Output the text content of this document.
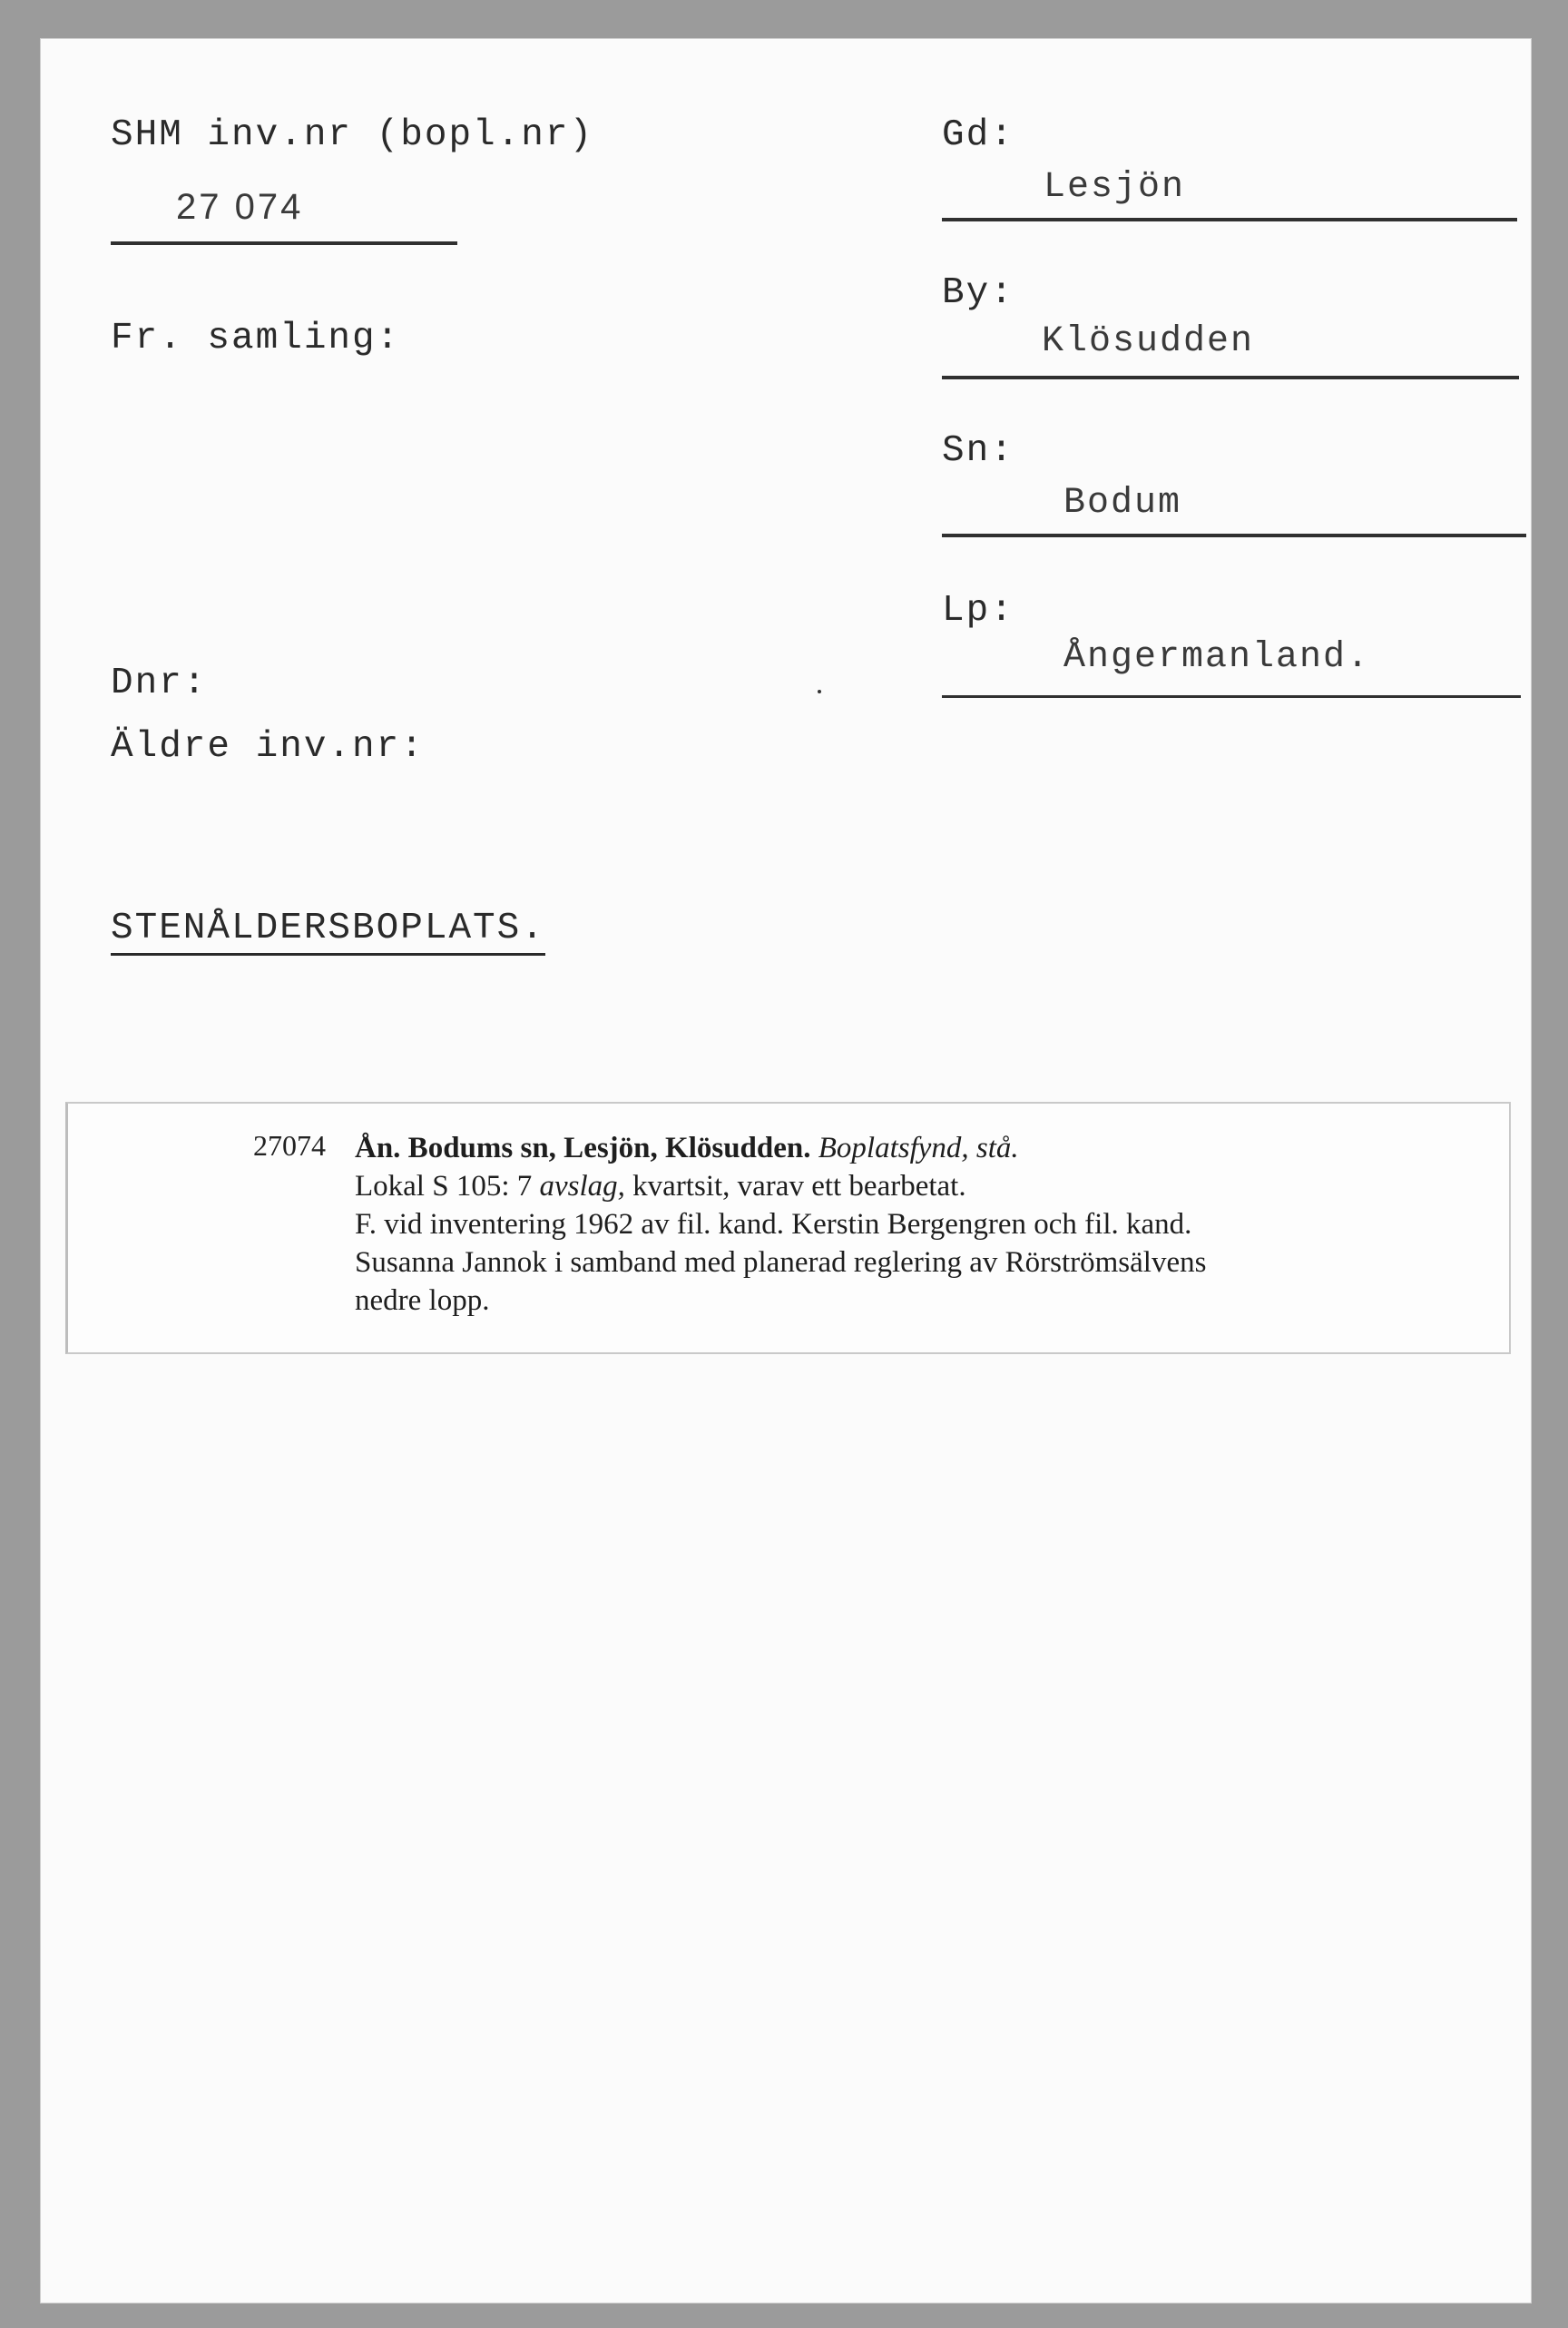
SHM inv.nr (bopl.nr)
27 074
Fr. samling:
Dnr:
Äldre inv.nr:
STENÅLDERSBOPLATS.
Gd:
Lesjön
By:
Klösudden
Sn:
Bodum
Lp:
Ångermanland.
27074 Ån. Bodums sn, Lesjön, Klösudden. Boplatsfynd, stå.
Lokal S 105: 7 avslag, kvartsit, varav ett bearbetat.
F. vid inventering 1962 av fil. kand. Kerstin Bergengren och fil. kand.
Susanna Jannok i samband med planerad reglering av Rörströmsälvens
nedre lopp.
